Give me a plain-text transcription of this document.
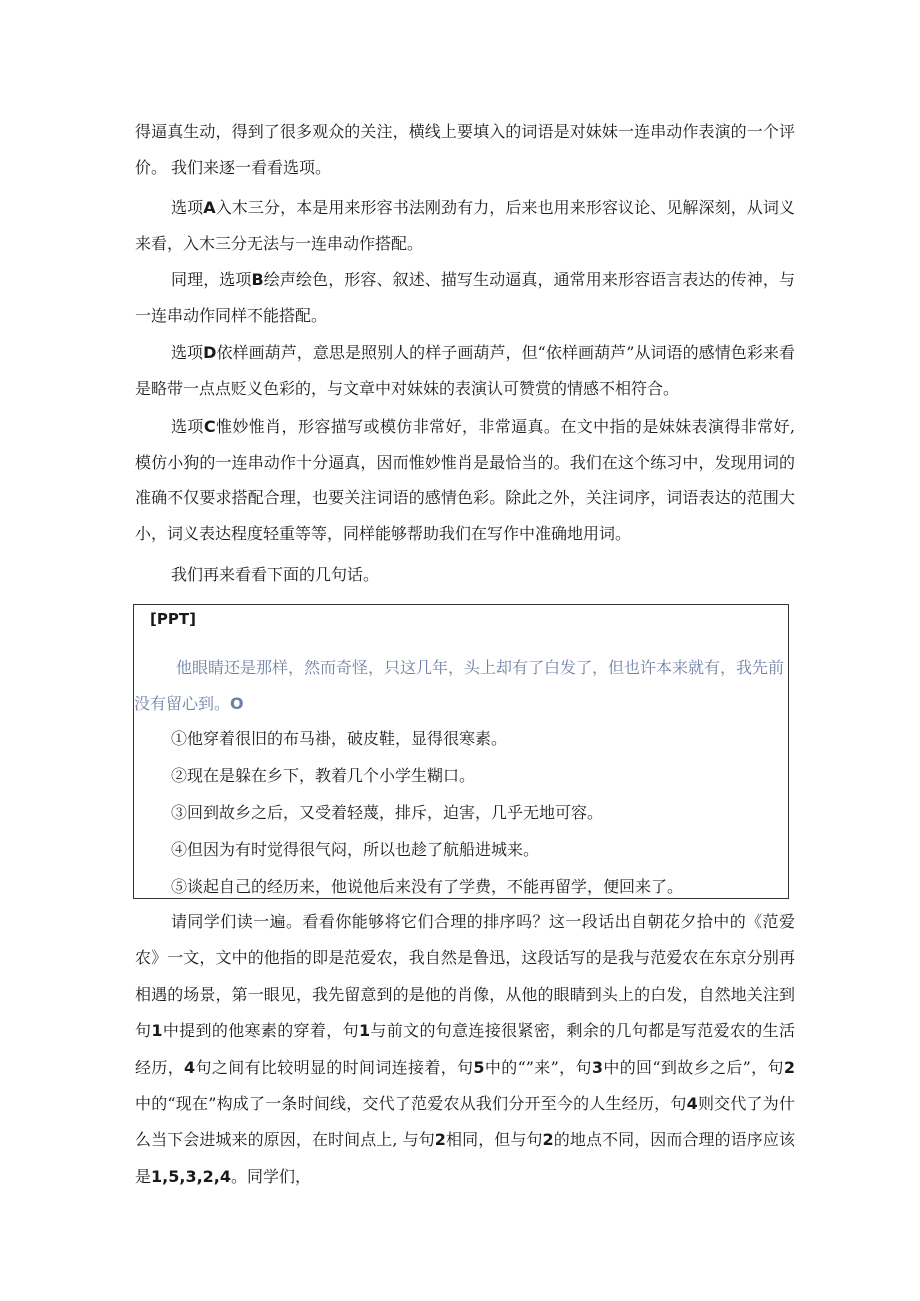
得逼真生动，得到了很多观众的关注，横线上要填入的词语是对妹妹一连串动作表演的一个评价。 我们来逐一看看选项。

选项A入木三分，本是用来形容书法刚劲有力，后来也用来形容议论、见解深刻，从词义来看，入木三分无法与一连串动作搭配。

同理，选项B绘声绘色，形容、叙述、描写生动逼真，通常用来形容语言表达的传神，与一连串动作同样不能搭配。

选项D依样画葫芦，意思是照别人的样子画葫芦，但“依样画葫芦”从词语的感情色彩来看是略带一点点贬义色彩的，与文章中对妹妹的表演认可赞赏的情感不相符合。

选项C惟妙惟肖，形容描写或模仿非常好，非常逼真。在文中指的是妹妹表演得非常好,模仿小狗的一连串动作十分逼真，因而惟妙惟肖是最恰当的。我们在这个练习中，发现用词的准确不仅要求搭配合理，也要关注词语的感情色彩。除此之外，关注词序，词语表达的范围大小，词义表达程度轻重等等，同样能够帮助我们在写作中准确地用词。

我们再来看看下面的几句话。

[PPT]

他眼睛还是那样，然而奇怪，只这几年，头上却有了白发了，但也许本来就有，我先前没有留心到。O

①他穿着很旧的布马褂，破皮鞋，显得很寒素。

②现在是躲在乡下，教着几个小学生糊口。

③回到故乡之后，又受着轻蔑，排斥，迫害，几乎无地可容。

④但因为有时觉得很气闷，所以也趁了航船进城来。

⑤谈起自己的经历来，他说他后来没有了学费，不能再留学，便回来了。

请同学们读一遍。看看你能够将它们合理的排序吗？这一段话出自朝花夕拾中的《范爱农》一文，文中的他指的即是范爱农，我自然是鲁迅，这段话写的是我与范爱农在东京分别再相遇的场景，第一眼见，我先留意到的是他的肖像，从他的眼睛到头上的白发，自然地关注到句1中提到的他寒素的穿着，句1与前文的句意连接很紧密，剩余的几句都是写范爱农的生活经历，4句之间有比较明显的时间词连接着，句5中的“”来”，句3中的回“到故乡之后”，句2中的“现在”构成了一条时间线，交代了范爱农从我们分开至今的人生经历，句4则交代了为什么当下会进城来的原因，在时间点上, 与句2相同，但与句2的地点不同，因而合理的语序应该是1,5,3,2,4。同学们，
